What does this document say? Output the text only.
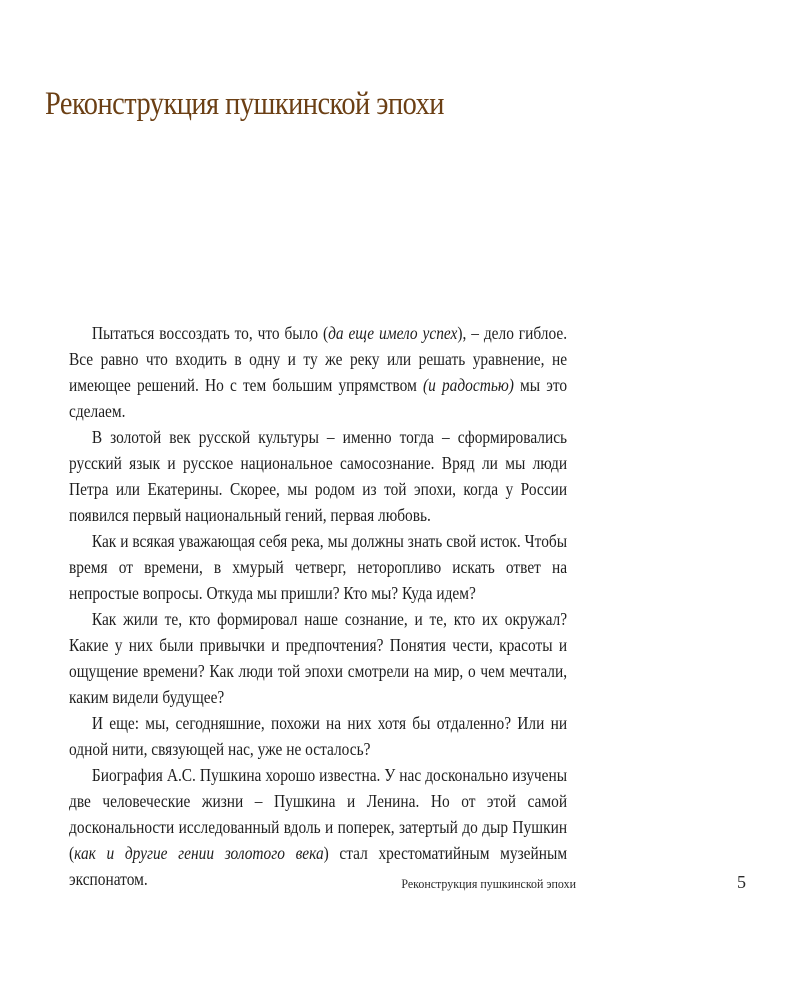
Реконструкция пушкинской эпохи

Пытаться воссоздать то, что было (да еще имело успех), – дело гиблое. Все равно что входить в одну и ту же реку или решать уравнение, не имеющее решений. Но с тем большим упрямством (и радостью) мы это сделаем.

В золотой век русской культуры – именно тогда – сформировались русский язык и русское национальное самосознание. Вряд ли мы люди Петра или Екатерины. Скорее, мы родом из той эпохи, когда у России появился первый национальный гений, первая любовь.

Как и всякая уважающая себя река, мы должны знать свой исток. Чтобы время от времени, в хмурый четверг, неторопливо искать ответ на непростые вопросы. Откуда мы пришли? Кто мы? Куда идем?

Как жили те, кто формировал наше сознание, и те, кто их окружал? Какие у них были привычки и предпочтения? Понятия чести, красоты и ощущение времени? Как люди той эпохи смотрели на мир, о чем мечтали, каким видели будущее?

И еще: мы, сегодняшние, похожи на них хотя бы отдаленно? Или ни одной нити, связующей нас, уже не осталось?

Биография А.С. Пушкина хорошо известна. У нас досконально изучены две человеческие жизни – Пушкина и Ленина. Но от этой самой доскональности исследованный вдоль и поперек, затертый до дыр Пушкин (как и другие гении золотого века) стал хрестоматийным музейным экспонатом.	Реконструкция пушкинской эпохи	5
